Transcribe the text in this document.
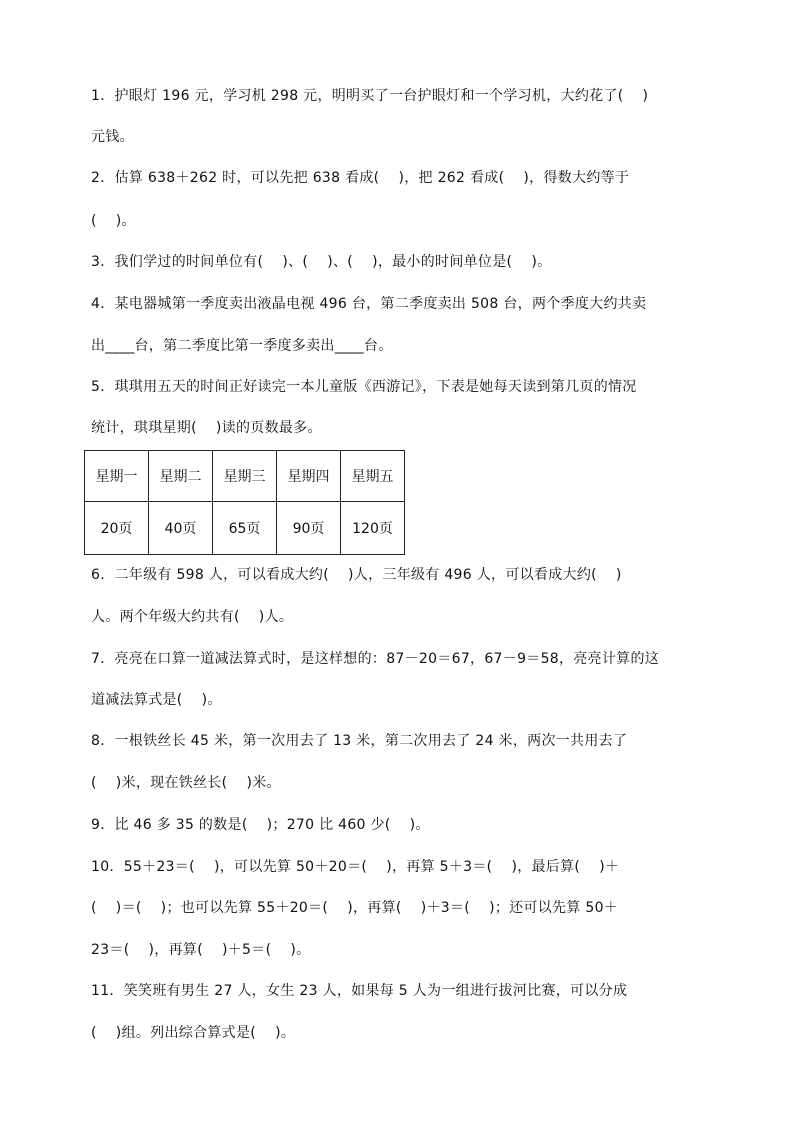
1．护眼灯 196 元，学习机 298 元，明明买了一台护眼灯和一个学习机，大约花了(　 )
元钱。
2．估算 638＋262 时，可以先把 638 看成(　 )，把 262 看成(　 )，得数大约等于
(　 )。
3．我们学过的时间单位有(　 )、(　 )、(　 )，最小的时间单位是(　 )。
4．某电器城第一季度卖出液晶电视 496 台，第二季度卖出 508 台，两个季度大约共卖
出____台，第二季度比第一季度多卖出____台。
5．琪琪用五天的时间正好读完一本儿童版《西游记》，下表是她每天读到第几页的情况
统计，琪琪星期(　 )读的页数最多。
星期一	星期二	星期三	星期四	星期五
20页	40页	65页	90页	120页
6．二年级有 598 人，可以看成大约(　 )人，三年级有 496 人，可以看成大约(　 )
人。两个年级大约共有(　 )人。
7．亮亮在口算一道减法算式时，是这样想的：87－20＝67，67－9＝58，亮亮计算的这
道减法算式是(　 )。
8．一根铁丝长 45 米，第一次用去了 13 米，第二次用去了 24 米，两次一共用去了
(　 )米，现在铁丝长(　 )米。
9．比 46 多 35 的数是(　 )；270 比 460 少(　 )。
10．55＋23＝(　 )，可以先算 50＋20＝(　 )，再算 5＋3＝(　 )，最后算(　 )＋
(　 )＝(　 )；也可以先算 55＋20＝(　 )，再算(　 )＋3＝(　 )；还可以先算 50＋
23＝(　 )，再算(　 )＋5＝(　 )。
11．笑笑班有男生 27 人，女生 23 人，如果每 5 人为一组进行拔河比赛，可以分成
(　 )组。列出综合算式是(　 )。
